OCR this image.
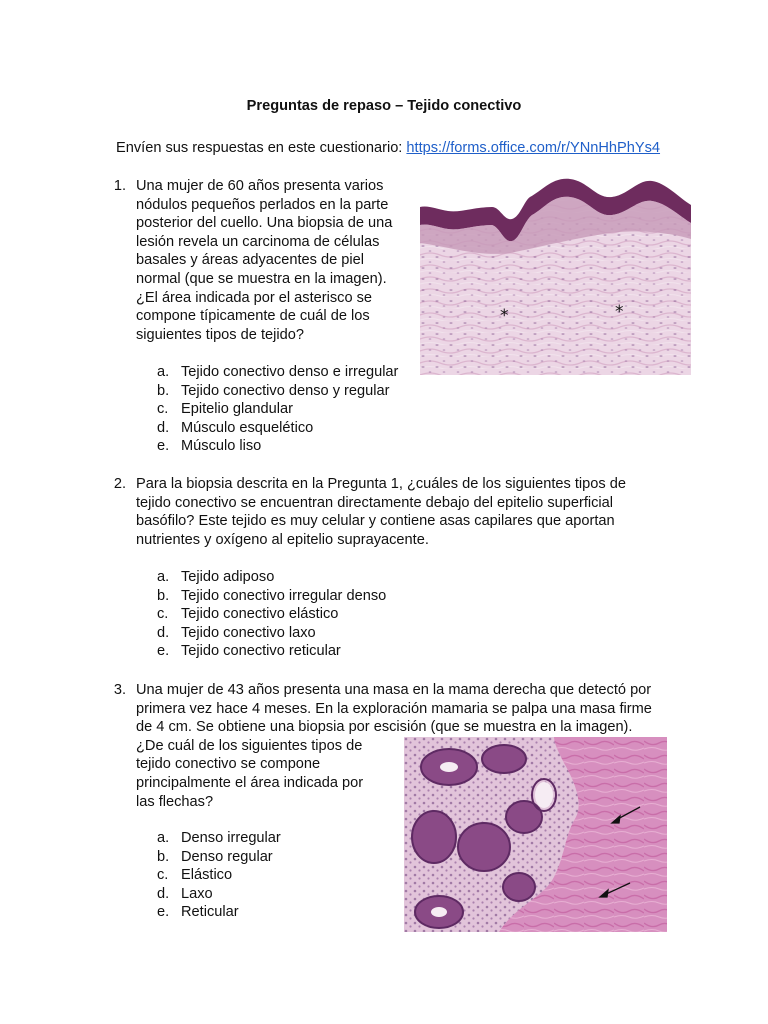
Preguntas de repaso – Tejido conectivo
Envíen sus respuestas en este cuestionario: https://forms.office.com/r/YNnHhPhYs4
1. Una mujer de 60 años presenta varios
nódulos pequeños perlados en la parte
posterior del cuello. Una biopsia de una
lesión revela un carcinoma de células
basales y áreas adyacentes de piel
normal (que se muestra en la imagen).
¿El área indicada por el asterisco se
compone típicamente de cuál de los
siguientes tipos de tejido?
*	*
a. Tejido conectivo denso e irregular
b. Tejido conectivo denso y regular
c. Epitelio glandular
d. Músculo esquelético
e. Músculo liso
2. Para la biopsia descrita en la Pregunta 1, ¿cuáles de los siguientes tipos de
tejido conectivo se encuentran directamente debajo del epitelio superficial
basófilo? Este tejido es muy celular y contiene asas capilares que aportan
nutrientes y oxígeno al epitelio suprayacente.
a. Tejido adiposo
b. Tejido conectivo irregular denso
c. Tejido conectivo elástico
d. Tejido conectivo laxo
e. Tejido conectivo reticular
3. Una mujer de 43 años presenta una masa en la mama derecha que detectó por
primera vez hace 4 meses. En la exploración mamaria se palpa una masa firme
de 4 cm. Se obtiene una biopsia por escisión (que se muestra en la imagen).
¿De cuál de los siguientes tipos de
tejido conectivo se compone
principalmente el área indicada por
las flechas?
a. Denso irregular
b. Denso regular
c. Elástico
d. Laxo
e. Reticular
